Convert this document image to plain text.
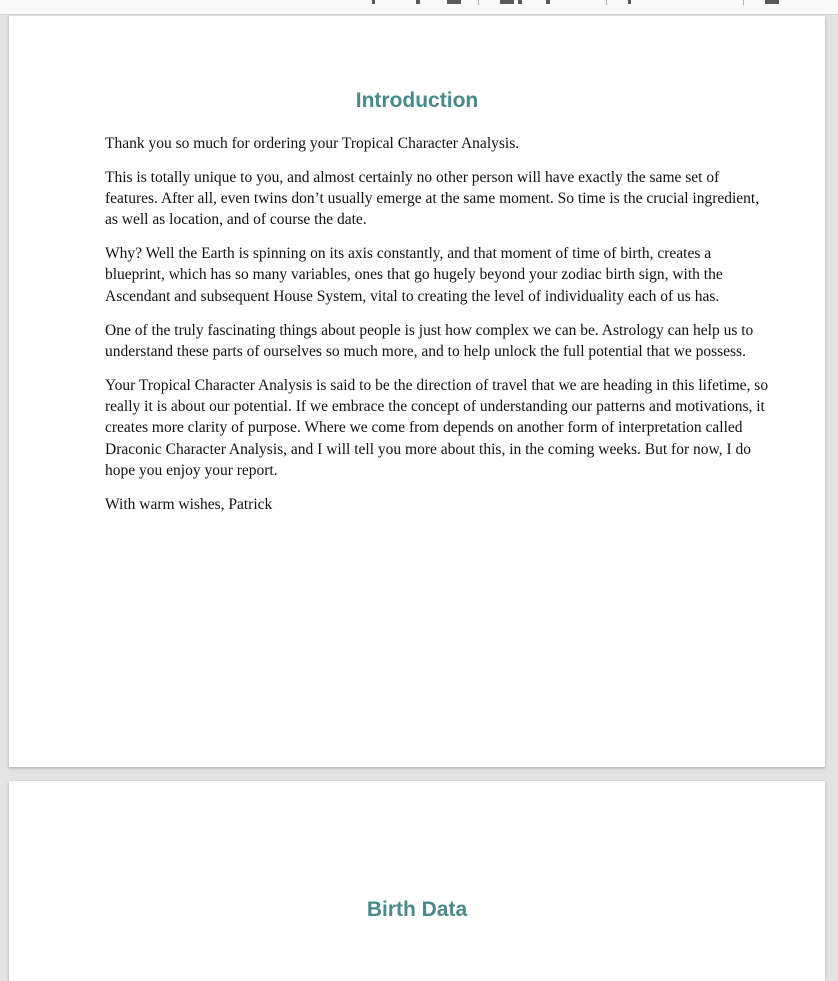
Introduction

Thank you so much for ordering your Tropical Character Analysis.

This is totally unique to you, and almost certainly no other person will have exactly the same set of features. After all, even twins don’t usually emerge at the same moment. So time is the crucial ingredient, as well as location, and of course the date.

Why? Well the Earth is spinning on its axis constantly, and that moment of time of birth, creates a blueprint, which has so many variables, ones that go hugely beyond your zodiac birth sign, with the Ascendant and subsequent House System, vital to creating the level of individuality each of us has.

One of the truly fascinating things about people is just how complex we can be. Astrology can help us to understand these parts of ourselves so much more, and to help unlock the full potential that we possess.

Your Tropical Character Analysis is said to be the direction of travel that we are heading in this lifetime, so really it is about our potential. If we embrace the concept of understanding our patterns and motivations, it creates more clarity of purpose. Where we come from depends on another form of interpretation called Draconic Character Analysis, and I will tell you more about this, in the coming weeks. But for now, I do hope you enjoy your report.

With warm wishes, Patrick

Birth Data
